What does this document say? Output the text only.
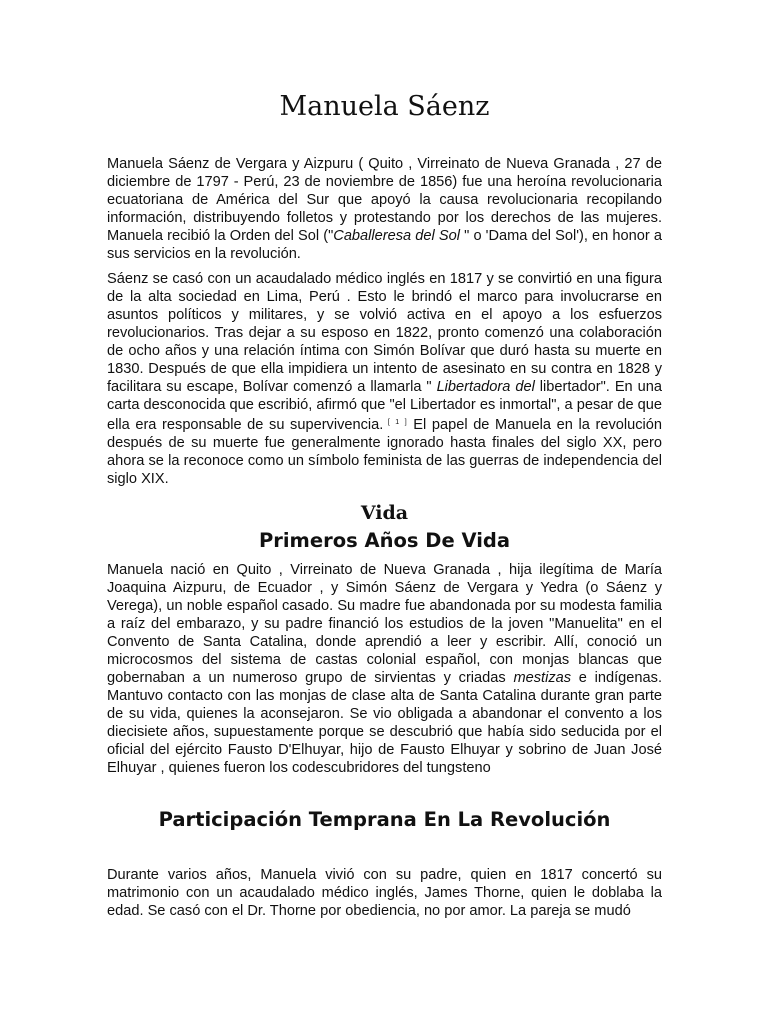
Manuela Sáenz

Manuela Sáenz de Vergara y Aizpuru ( Quito , Virreinato de Nueva Granada , 27 de diciembre de 1797 - Perú, 23 de noviembre de 1856) fue una heroína revolucionaria ecuatoriana de América del Sur que apoyó la causa revolucionaria recopilando información, distribuyendo folletos y protestando por los derechos de las mujeres. Manuela recibió la Orden del Sol ("Caballeresa del Sol " o 'Dama del Sol'), en honor a sus servicios en la revolución.

Sáenz se casó con un acaudalado médico inglés en 1817 y se convirtió en una figura de la alta sociedad en Lima, Perú . Esto le brindó el marco para involucrarse en asuntos políticos y militares, y se volvió activa en el apoyo a los esfuerzos revolucionarios. Tras dejar a su esposo en 1822, pronto comenzó una colaboración de ocho años y una relación íntima con Simón Bolívar que duró hasta su muerte en 1830. Después de que ella impidiera un intento de asesinato en su contra en 1828 y facilitara su escape, Bolívar comenzó a llamarla " Libertadora del libertador". En una carta desconocida que escribió, afirmó que "el Libertador es inmortal", a pesar de que ella era responsable de su supervivencia. [ 1 ] El papel de Manuela en la revolución después de su muerte fue generalmente ignorado hasta finales del siglo XX, pero ahora se la reconoce como un símbolo feminista de las guerras de independencia del siglo XIX.

Vida
Primeros Años De Vida

Manuela nació en Quito , Virreinato de Nueva Granada , hija ilegítima de María Joaquina Aizpuru, de Ecuador , y Simón Sáenz de Vergara y Yedra (o Sáenz y Verega), un noble español casado. Su madre fue abandonada por su modesta familia a raíz del embarazo, y su padre financió los estudios de la joven "Manuelita" en el Convento de Santa Catalina, donde aprendió a leer y escribir. Allí, conoció un microcosmos del sistema de castas colonial español, con monjas blancas que gobernaban a un numeroso grupo de sirvientas y criadas mestizas e indígenas. Mantuvo contacto con las monjas de clase alta de Santa Catalina durante gran parte de su vida, quienes la aconsejaron. Se vio obligada a abandonar el convento a los diecisiete años, supuestamente porque se descubrió que había sido seducida por el oficial del ejército Fausto D'Elhuyar, hijo de Fausto Elhuyar y sobrino de Juan José Elhuyar , quienes fueron los codescubridores del tungsteno

Participación Temprana En La Revolución

Durante varios años, Manuela vivió con su padre, quien en 1817 concertó su matrimonio con un acaudalado médico inglés, James Thorne, quien le doblaba la edad. Se casó con el Dr. Thorne por obediencia, no por amor. La pareja se mudó
